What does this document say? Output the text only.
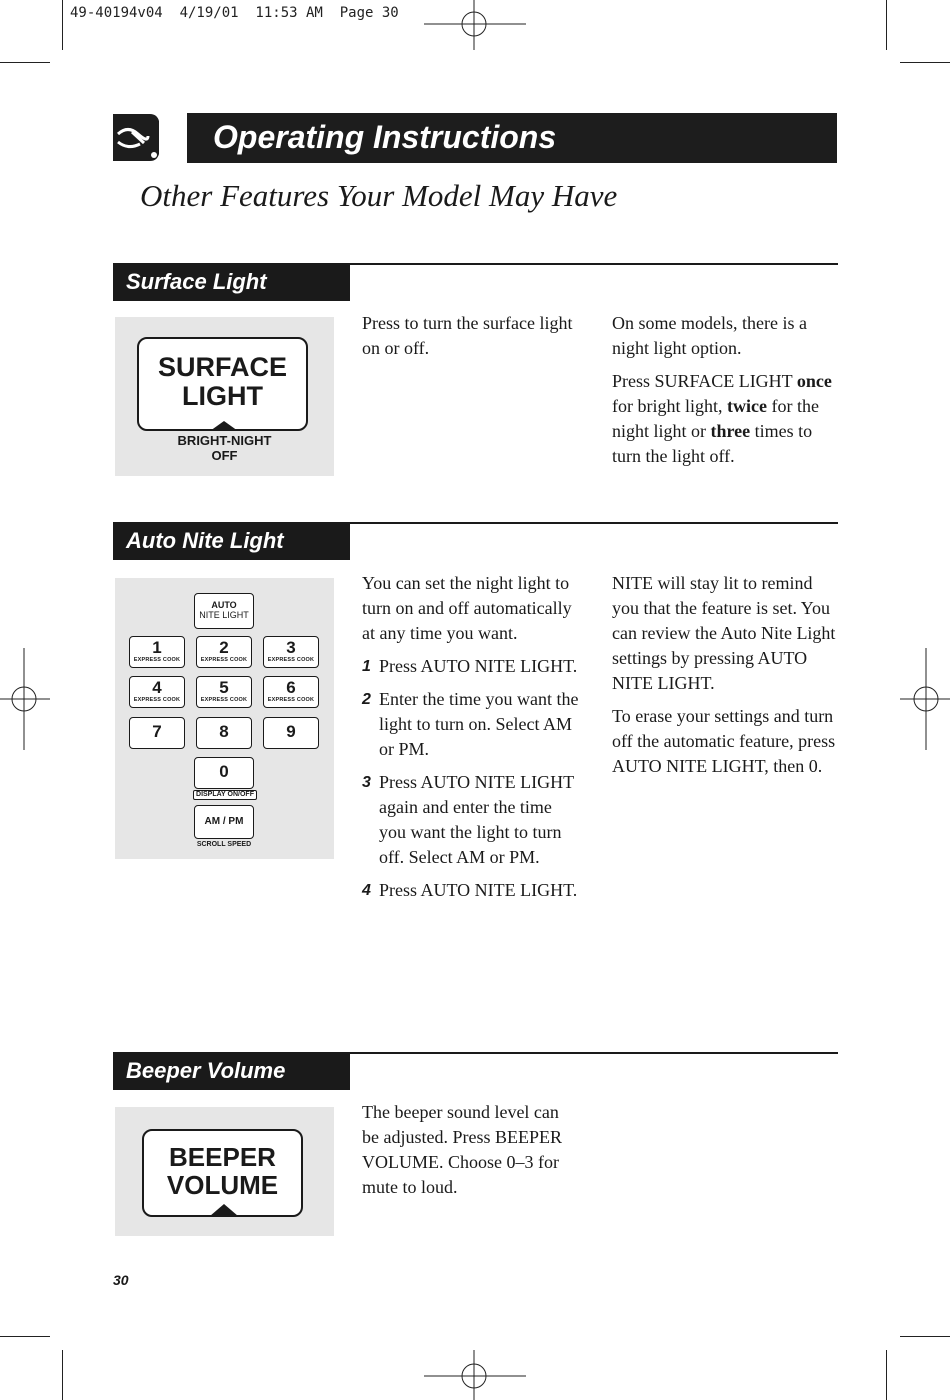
49-40194v04  4/19/01  11:53 AM  Page 30
Operating Instructions
Other Features Your Model May Have
Surface Light
SURFACE
LIGHT
BRIGHT-NIGHT
OFF

Press to turn the surface light on or off.

On some models, there is a night light option.

Press SURFACE LIGHT once for bright light, twice for the night light or three times to turn the light off.

Auto Nite Light
AUTO
NITE LIGHT
1
EXPRESS COOK
2
EXPRESS COOK
3
EXPRESS COOK
4
EXPRESS COOK
5
EXPRESS COOK
6
EXPRESS COOK
7	8	9
0
DISPLAY ON/OFF
AM / PM
SCROLL SPEED

You can set the night light to turn on and off automatically at any time you want.

1 Press AUTO NITE LIGHT.
2 Enter the time you want the light to turn on. Select AM or PM.
3 Press AUTO NITE LIGHT again and enter the time you want the light to turn off. Select AM or PM.
4 Press AUTO NITE LIGHT.

NITE will stay lit to remind you that the feature is set. You can review the Auto Nite Light settings by pressing AUTO NITE LIGHT.

To erase your settings and turn off the automatic feature, press AUTO NITE LIGHT, then 0.

Beeper Volume
BEEPER
VOLUME

The beeper sound level can be adjusted. Press BEEPER VOLUME. Choose 0–3 for mute to loud.

30
